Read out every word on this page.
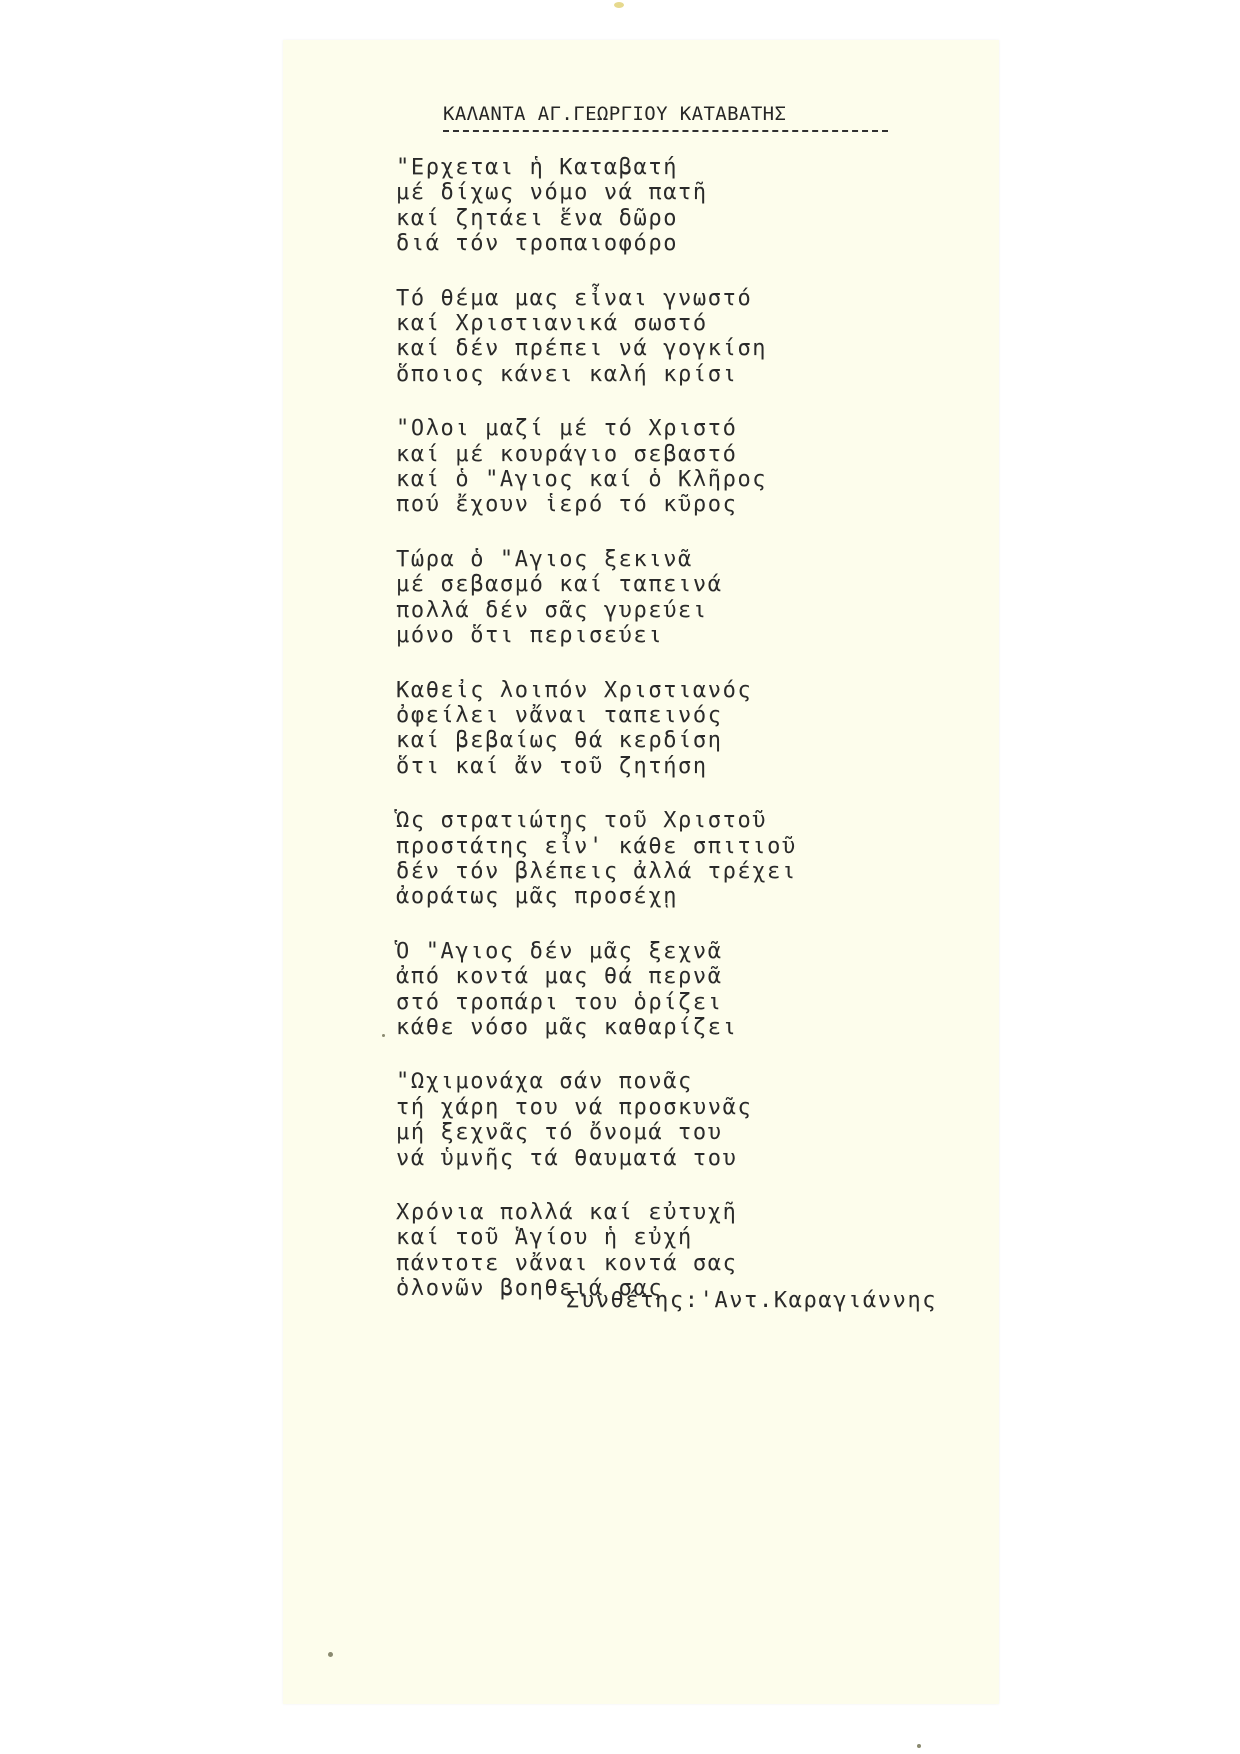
ΚΑΛΑΝΤΑ ΑΓ.ΓΕΩΡΓΙΟΥ ΚΑΤΑΒΑΤΗΣ
"Ερχεται ἡ Καταβατή
μέ δίχως νόμο νά πατῆ
καί ζητάει ἕνα δῶρο
διά τόν τροπαιοφόρο
Τό θέμα μας εἶναι γνωστό
καί Χριστιανικά σωστό
καί δέν πρέπει νά γογκίση
ὅποιος κάνει καλή κρίσι
"Ολοι μαζί μέ τό Χριστό
καί μέ κουράγιο σεβαστό
καί ὁ "Αγιος καί ὁ Κλῆρος
πού ἔχουν ἱερό τό κῦρος
Τώρα ὁ "Αγιος ξεκινᾶ
μέ σεβασμό καί ταπεινά
πολλά δέν σᾶς γυρεύει
μόνο ὅτι περισεύει
Καθεἰς λοιπόν Χριστιανός
ὀφείλει νἄναι ταπεινός
καί βεβαίως θά κερδίση
ὅτι καί ἄν τοῦ ζητήση
Ὡς στρατιώτης τοῦ Χριστοῦ
προστάτης εἶν' κάθε σπιτιοῦ
δέν τόν βλέπεις ἀλλά τρέχει
ἀοράτως μᾶς προσέχῃ
Ὁ "Αγιος δέν μᾶς ξεχνᾶ
ἀπό κοντά μας θά περνᾶ
στό τροπάρι του ὁρίζει
κάθε νόσο μᾶς καθαρίζει
"Ωχιμονάχα σάν πονᾶς
τή χάρη του νά προσκυνᾶς
μή ξεχνᾶς τό ὄνομά του
νά ὑμνῆς τά θαυματά του
Χρόνια πολλά καί εὐτυχῆ
καί τοῦ Ἁγίου ἡ εὐχή
πάντοτε νἄναι κοντά σας
ὁλονῶν βοηθειά σας
Συνθέτης:'Αντ.Καραγιάννης
